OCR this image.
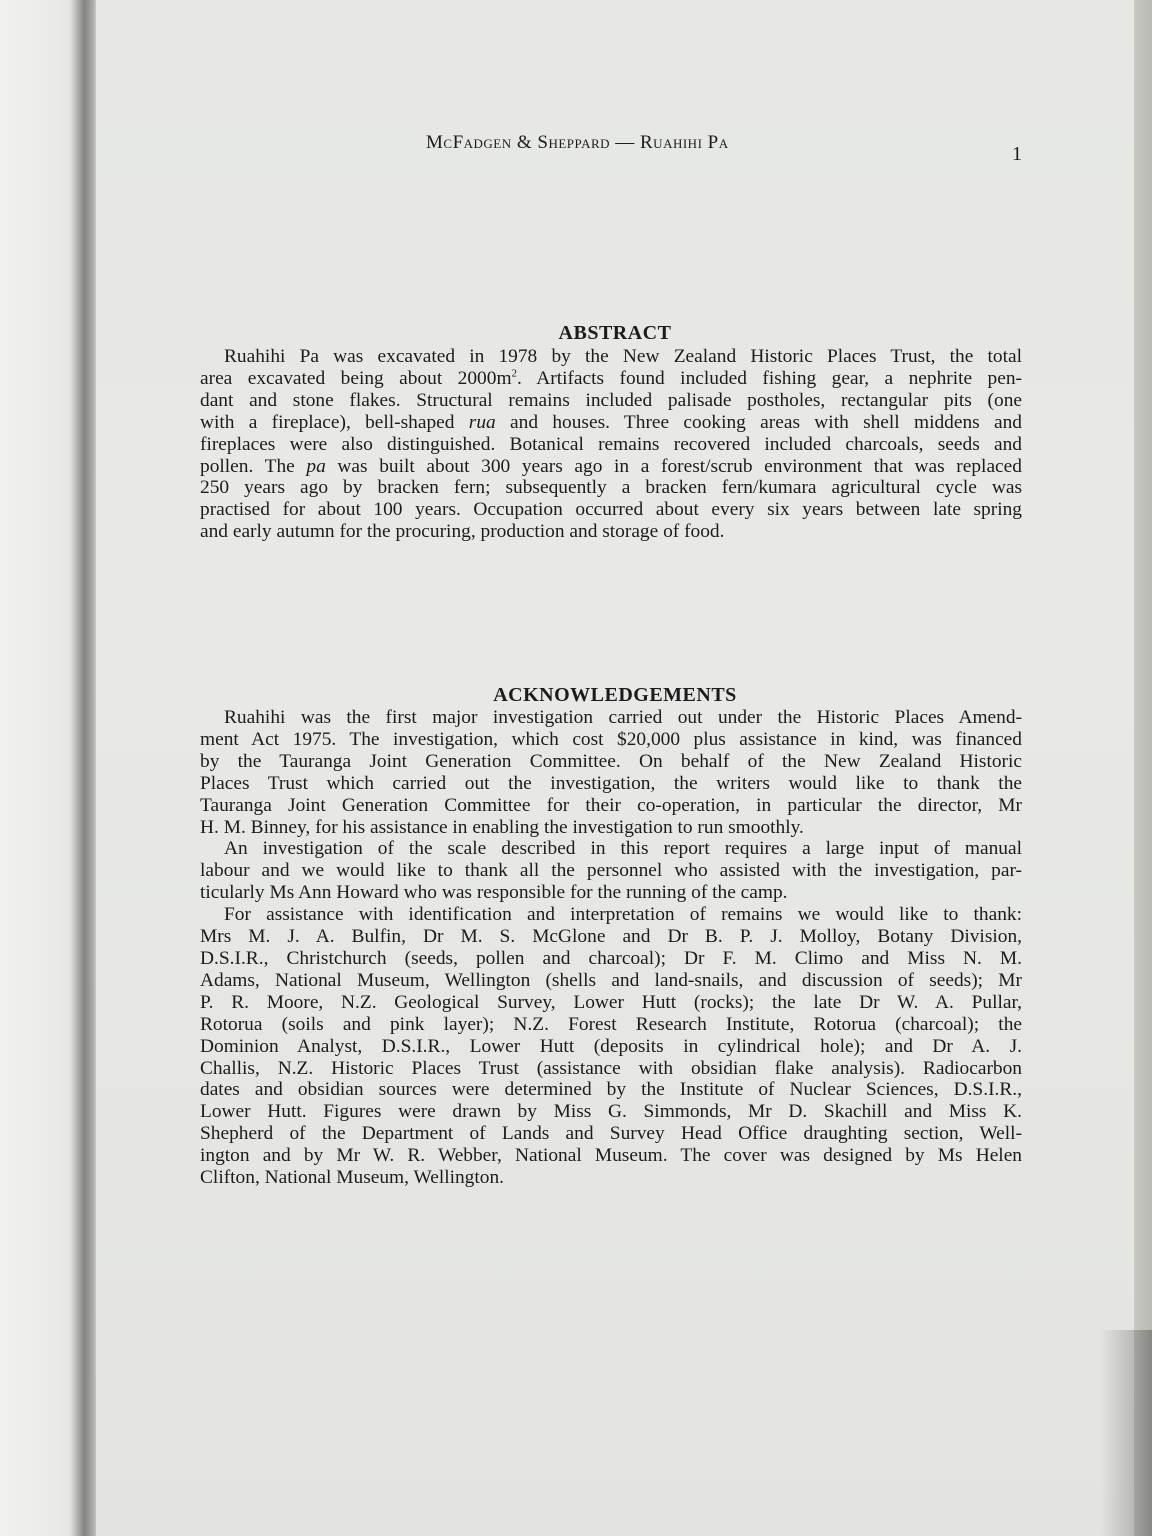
McFadgen & Sheppard — Ruahihi Pa
1
ABSTRACT
Ruahihi Pa was excavated in 1978 by the New Zealand Historic Places Trust, the total
area excavated being about $2000m^2$. Artifacts found included fishing gear, a nephrite pen-
dant and stone flakes. Structural remains included palisade postholes, rectangular pits (one
with a fireplace), bell-shaped rua and houses. Three cooking areas with shell middens and
fireplaces were also distinguished. Botanical remains recovered included charcoals, seeds and
pollen. The pa was built about 300 years ago in a forest/scrub environment that was replaced
250 years ago by bracken fern; subsequently a bracken fern/kumara agricultural cycle was
practised for about 100 years. Occupation occurred about every six years between late spring
and early autumn for the procuring, production and storage of food.
ACKNOWLEDGEMENTS
Ruahihi was the first major investigation carried out under the Historic Places Amend-
ment Act 1975. The investigation, which cost $20,000 plus assistance in kind, was financed
by the Tauranga Joint Generation Committee. On behalf of the New Zealand Historic
Places Trust which carried out the investigation, the writers would like to thank the
Tauranga Joint Generation Committee for their co-operation, in particular the director, Mr
H. M. Binney, for his assistance in enabling the investigation to run smoothly.
An investigation of the scale described in this report requires a large input of manual
labour and we would like to thank all the personnel who assisted with the investigation, par-
ticularly Ms Ann Howard who was responsible for the running of the camp.
For assistance with identification and interpretation of remains we would like to thank:
Mrs M. J. A. Bulfin, Dr M. S. McGlone and Dr B. P. J. Molloy, Botany Division,
D.S.I.R., Christchurch (seeds, pollen and charcoal); Dr F. M. Climo and Miss N. M.
Adams, National Museum, Wellington (shells and land-snails, and discussion of seeds); Mr
P. R. Moore, N.Z. Geological Survey, Lower Hutt (rocks); the late Dr W. A. Pullar,
Rotorua (soils and pink layer); N.Z. Forest Research Institute, Rotorua (charcoal); the
Dominion Analyst, D.S.I.R., Lower Hutt (deposits in cylindrical hole); and Dr A. J.
Challis, N.Z. Historic Places Trust (assistance with obsidian flake analysis). Radiocarbon
dates and obsidian sources were determined by the Institute of Nuclear Sciences, D.S.I.R.,
Lower Hutt. Figures were drawn by Miss G. Simmonds, Mr D. Skachill and Miss K.
Shepherd of the Department of Lands and Survey Head Office draughting section, Well-
ington and by Mr W. R. Webber, National Museum. The cover was designed by Ms Helen
Clifton, National Museum, Wellington.
